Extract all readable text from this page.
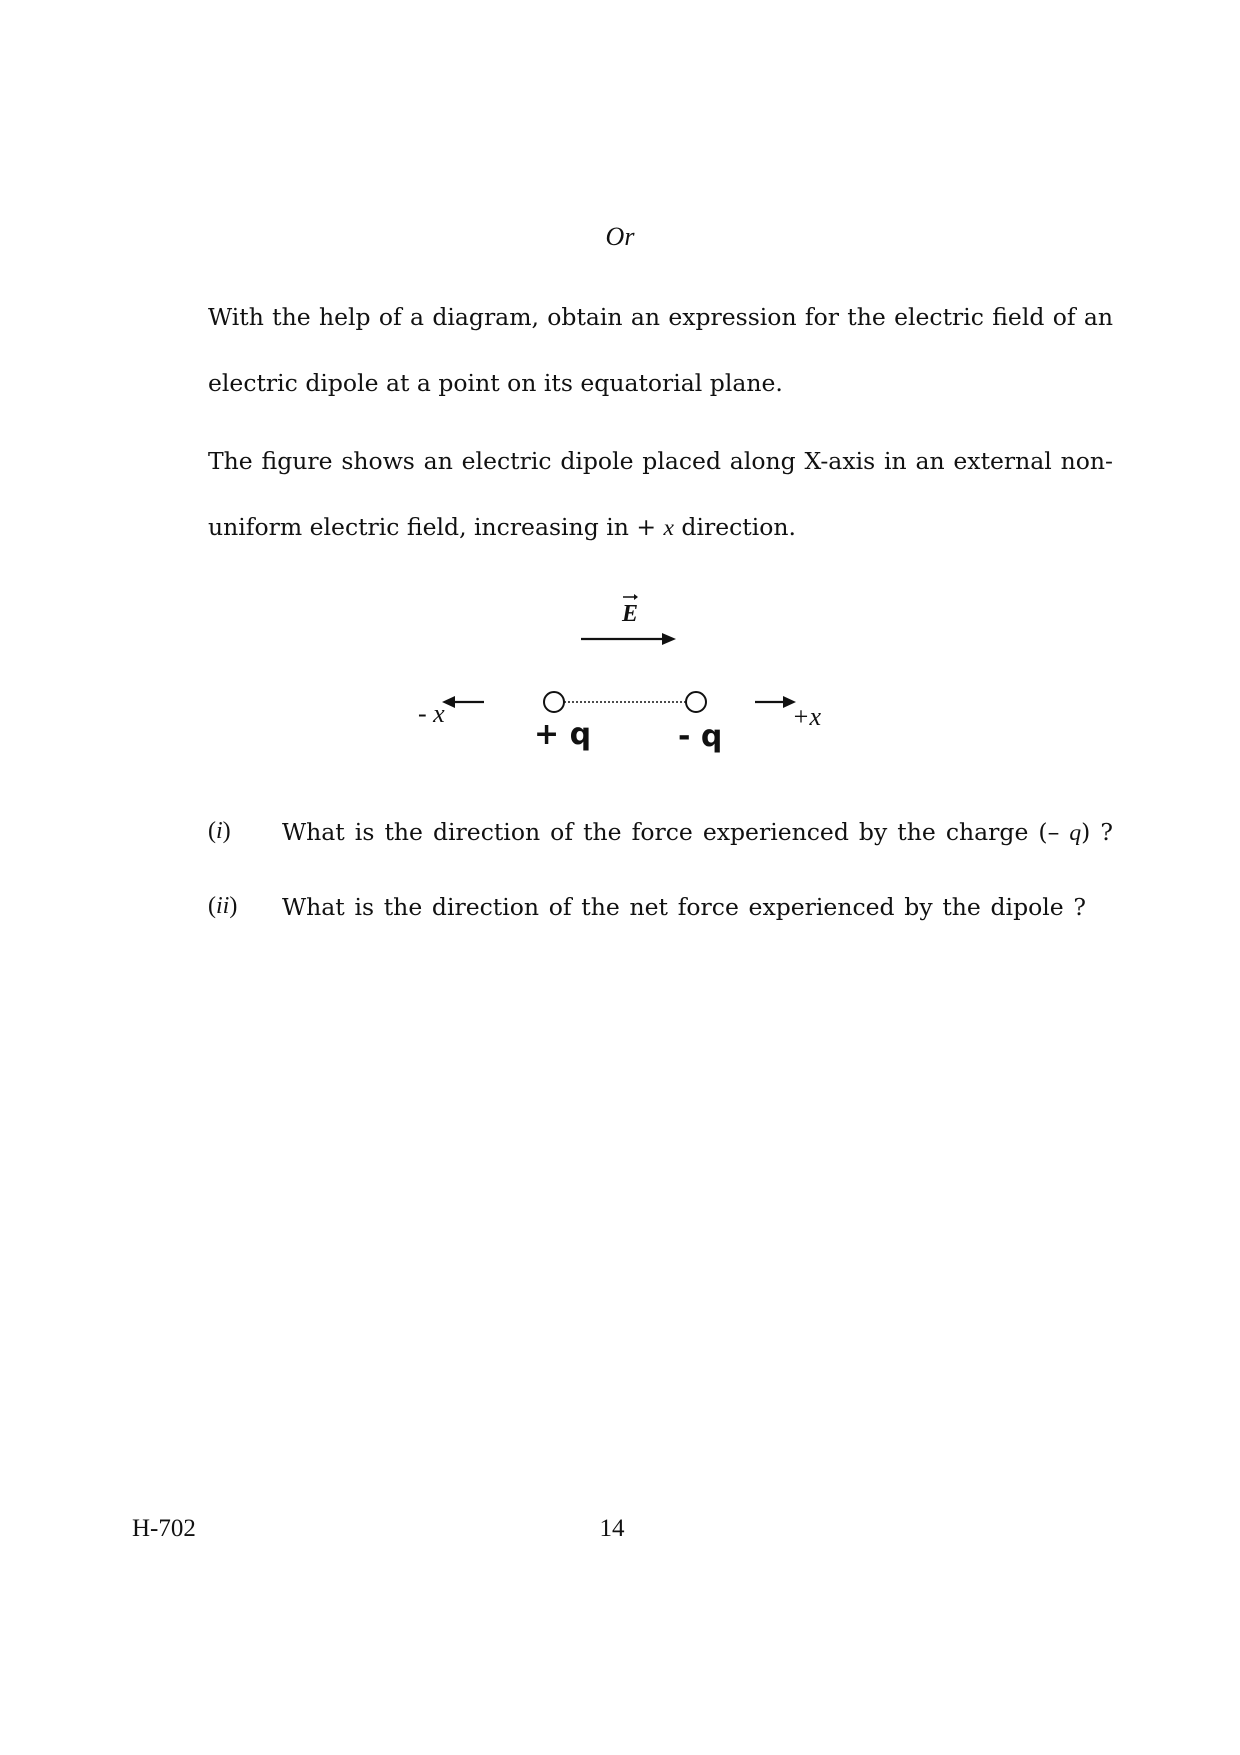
Or

With the help of a diagram, obtain an expression for the electric field of an
electric dipole at a point on its equatorial plane.

The figure shows an electric dipole placed along X-axis in an external non-
uniform electric field, increasing in + x direction.

E
- x	+x
+ q	- q
(i) What is the direction of the force experienced by the charge (– q) ?
(ii) What is the direction of the net force experienced by the dipole ?
H-702	14
